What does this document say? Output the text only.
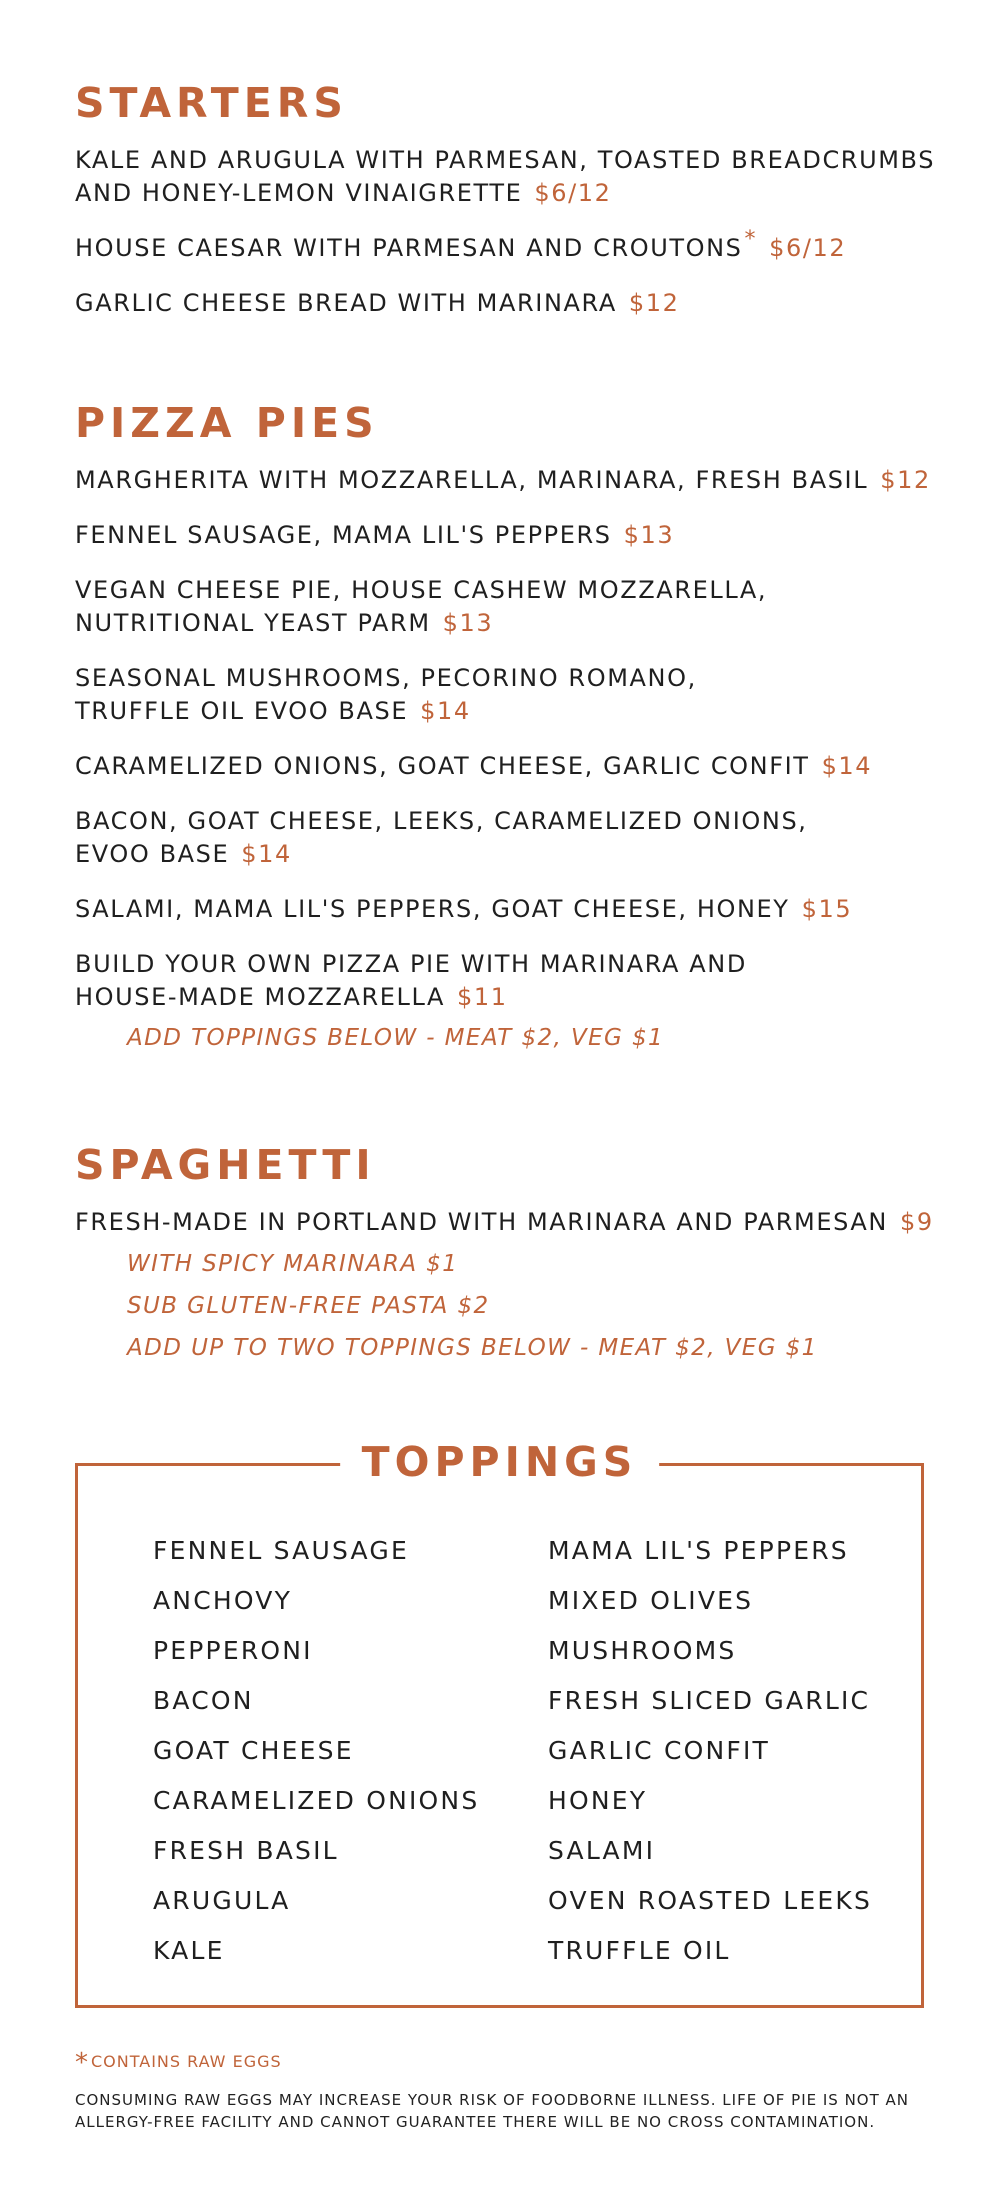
STARTERS
KALE AND ARUGULA WITH PARMESAN, TOASTED BREADCRUMBS
AND HONEY-LEMON VINAIGRETTE $6/12
HOUSE CAESAR WITH PARMESAN AND CROUTONS* $6/12
GARLIC CHEESE BREAD WITH MARINARA $12
PIZZA PIES
MARGHERITA WITH MOZZARELLA, MARINARA, FRESH BASIL $12
FENNEL SAUSAGE, MAMA LIL'S PEPPERS $13
VEGAN CHEESE PIE, HOUSE CASHEW MOZZARELLA,
NUTRITIONAL YEAST PARM $13
SEASONAL MUSHROOMS, PECORINO ROMANO,
TRUFFLE OIL EVOO BASE $14
CARAMELIZED ONIONS, GOAT CHEESE, GARLIC CONFIT $14
BACON, GOAT CHEESE, LEEKS, CARAMELIZED ONIONS,
EVOO BASE $14
SALAMI, MAMA LIL'S PEPPERS, GOAT CHEESE, HONEY $15
BUILD YOUR OWN PIZZA PIE WITH MARINARA AND
HOUSE-MADE MOZZARELLA $11
ADD TOPPINGS BELOW - MEAT $2, VEG $1
SPAGHETTI
FRESH-MADE IN PORTLAND WITH MARINARA AND PARMESAN $9
WITH SPICY MARINARA $1
SUB GLUTEN-FREE PASTA $2
ADD UP TO TWO TOPPINGS BELOW - MEAT $2, VEG $1
TOPPINGS
FENNEL SAUSAGE
ANCHOVY
PEPPERONI
BACON
GOAT CHEESE
CARAMELIZED ONIONS
FRESH BASIL
ARUGULA
KALE
MAMA LIL'S PEPPERS
MIXED OLIVES
MUSHROOMS
FRESH SLICED GARLIC
GARLIC CONFIT
HONEY
SALAMI
OVEN ROASTED LEEKS
TRUFFLE OIL
* CONTAINS RAW EGGS
CONSUMING RAW EGGS MAY INCREASE YOUR RISK OF FOODBORNE ILLNESS. LIFE OF PIE IS NOT AN
ALLERGY-FREE FACILITY AND CANNOT GUARANTEE THERE WILL BE NO CROSS CONTAMINATION.
